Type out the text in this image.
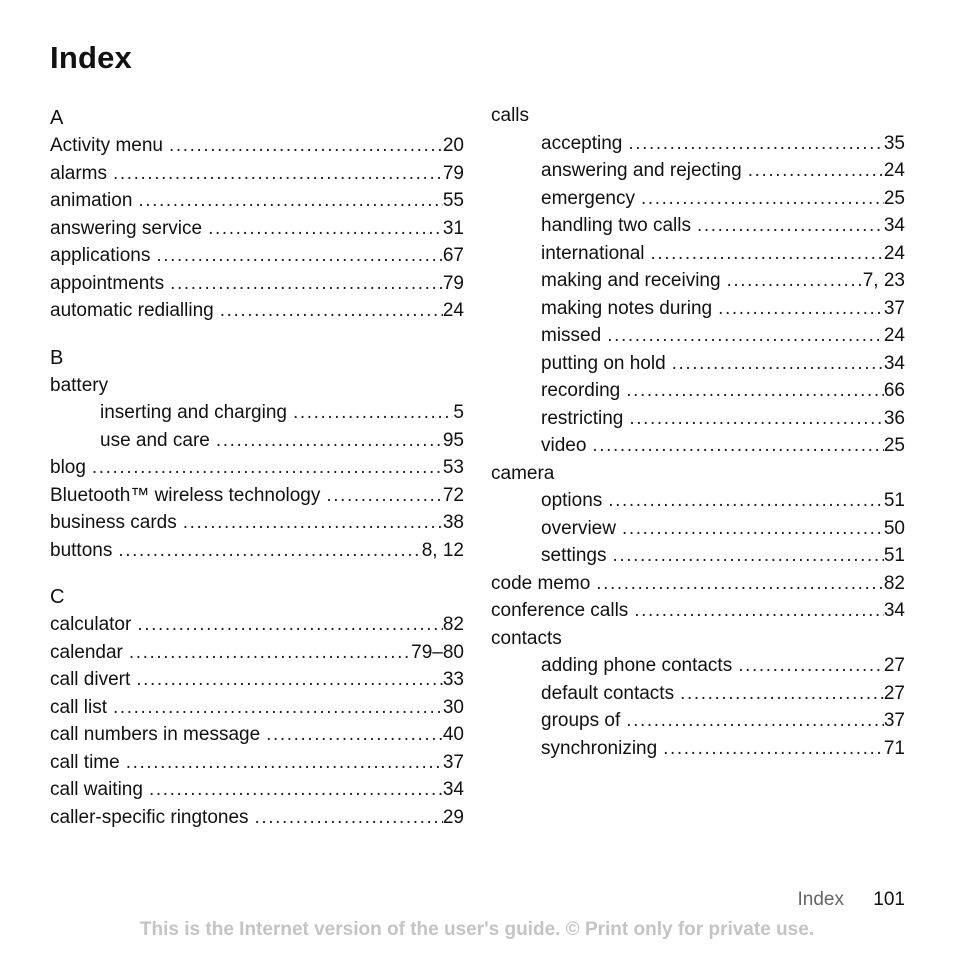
Index
A
Activity menu .....	20
alarms .....	79
animation .....	55
answering service .....	31
applications .....	67
appointments .....	79
automatic redialling .....	24
B
battery
inserting and charging .....	5
use and care .....	95
blog .....	53
Bluetooth™ wireless technology .....	72
business cards .....	38
buttons .....	8, 12
C
calculator .....	82
calendar .....	79–80
call divert .....	33
call list .....	30
call numbers in message .....	40
call time .....	37
call waiting .....	34
caller-specific ringtones .....	29
calls
accepting .....	35
answering and rejecting .....	24
emergency .....	25
handling two calls .....	34
international .....	24
making and receiving .....	7, 23
making notes during .....	37
missed .....	24
putting on hold .....	34
recording .....	66
restricting .....	36
video .....	25
camera
options .....	51
overview .....	50
settings .....	51
code memo .....	82
conference calls .....	34
contacts
adding phone contacts .....	27
default contacts .....	27
groups of .....	37
synchronizing .....	71
Index 101
This is the Internet version of the user's guide. © Print only for private use.
